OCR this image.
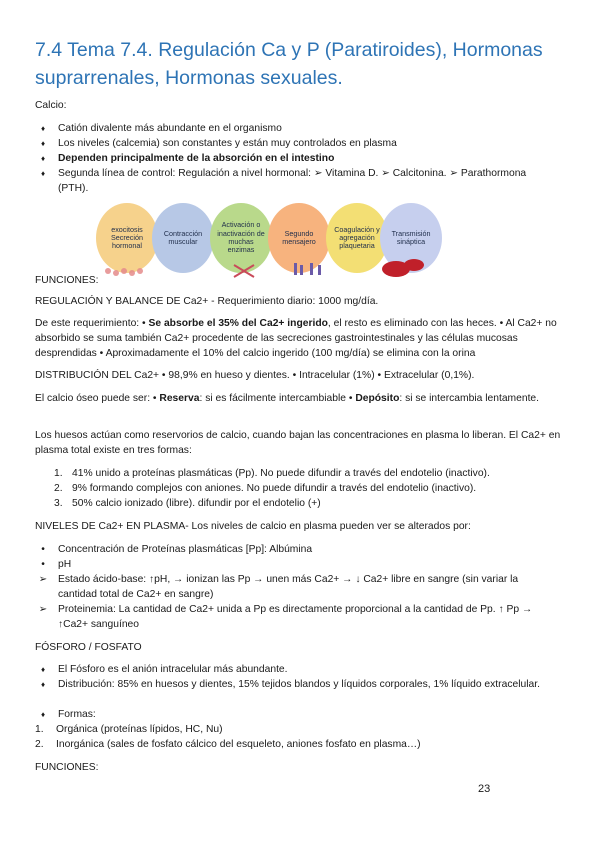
7.4 Tema 7.4. Regulación Ca y P (Paratiroides), Hormonas suprarrenales, Hormonas sexuales.

Calcio:

♦	Catión divalente más abundante en el organismo
♦	Los niveles (calcemia) son constantes y están muy controlados en plasma
♦	Dependen principalmente de la absorción en el intestino
♦	Segunda línea de control: Regulación a nivel hormonal: ➢ Vitamina D. ➢ Calcitonina. ➢ Parathormona (PTH).
exocitosis Secreción hormonal
Contracción muscular
Activación o inactivación de muchas enzimas
Segundo mensajero
Coagulación y agregación plaquetaria
Transmisión sináptica

FUNCIONES:

REGULACIÓN Y BALANCE DE Ca2+ - Requerimiento diario: 1000 mg/día.

De este requerimiento: • Se absorbe el 35% del Ca2+ ingerido, el resto es eliminado con las heces. • Al Ca2+ no absorbido se suma también Ca2+ procedente de las secreciones gastrointestinales y las células mucosas desprendidas • Aproximadamente el 10% del calcio ingerido (100 mg/día) se elimina con la orina

DISTRIBUCIÓN DEL Ca2+ • 98,9% en hueso y dientes. • Intracelular (1%) • Extracelular (0,1%).

El calcio óseo puede ser: • Reserva: si es fácilmente intercambiable • Depósito: si se intercambia lentamente.

Los huesos actúan como reservorios de calcio, cuando bajan las concentraciones en plasma lo liberan. El Ca2+ en plasma total existe en tres formas:

1. 41% unido a proteínas plasmáticas (Pp). No puede difundir a través del endotelio (inactivo).
2. 9% formando complejos con aniones. No puede difundir a través del endotelio (inactivo).
3. 50% calcio ionizado (libre). difundir por el endotelio (+)

NIVELES DE Ca2+ EN PLASMA- Los niveles de calcio en plasma pueden ver se alterados por:

•	Concentración de Proteínas plasmáticas [Pp]: Albúmina
•	pH
➢ Estado ácido-base: ↑pH, → ionizan las Pp → unen más Ca2+ → ↓ Ca2+ libre en sangre (sin variar la cantidad total de Ca2+ en sangre)
➢ Proteinemia: La cantidad de Ca2+ unida a Pp es directamente proporcional a la cantidad de Pp. ↑ Pp → ↑Ca2+ sanguíneo

FÓSFORO / FOSFATO

♦	El Fósforo es el anión intracelular más abundante.
♦	Distribución: 85% en huesos y dientes, 15% tejidos blandos y líquidos corporales, 1% líquido extracelular.
♦	Formas:
1. Orgánica (proteínas lípidos, HC, Nu)
2. Inorgánica (sales de fosfato cálcico del esqueleto, aniones fosfato en plasma…)

FUNCIONES:

23
